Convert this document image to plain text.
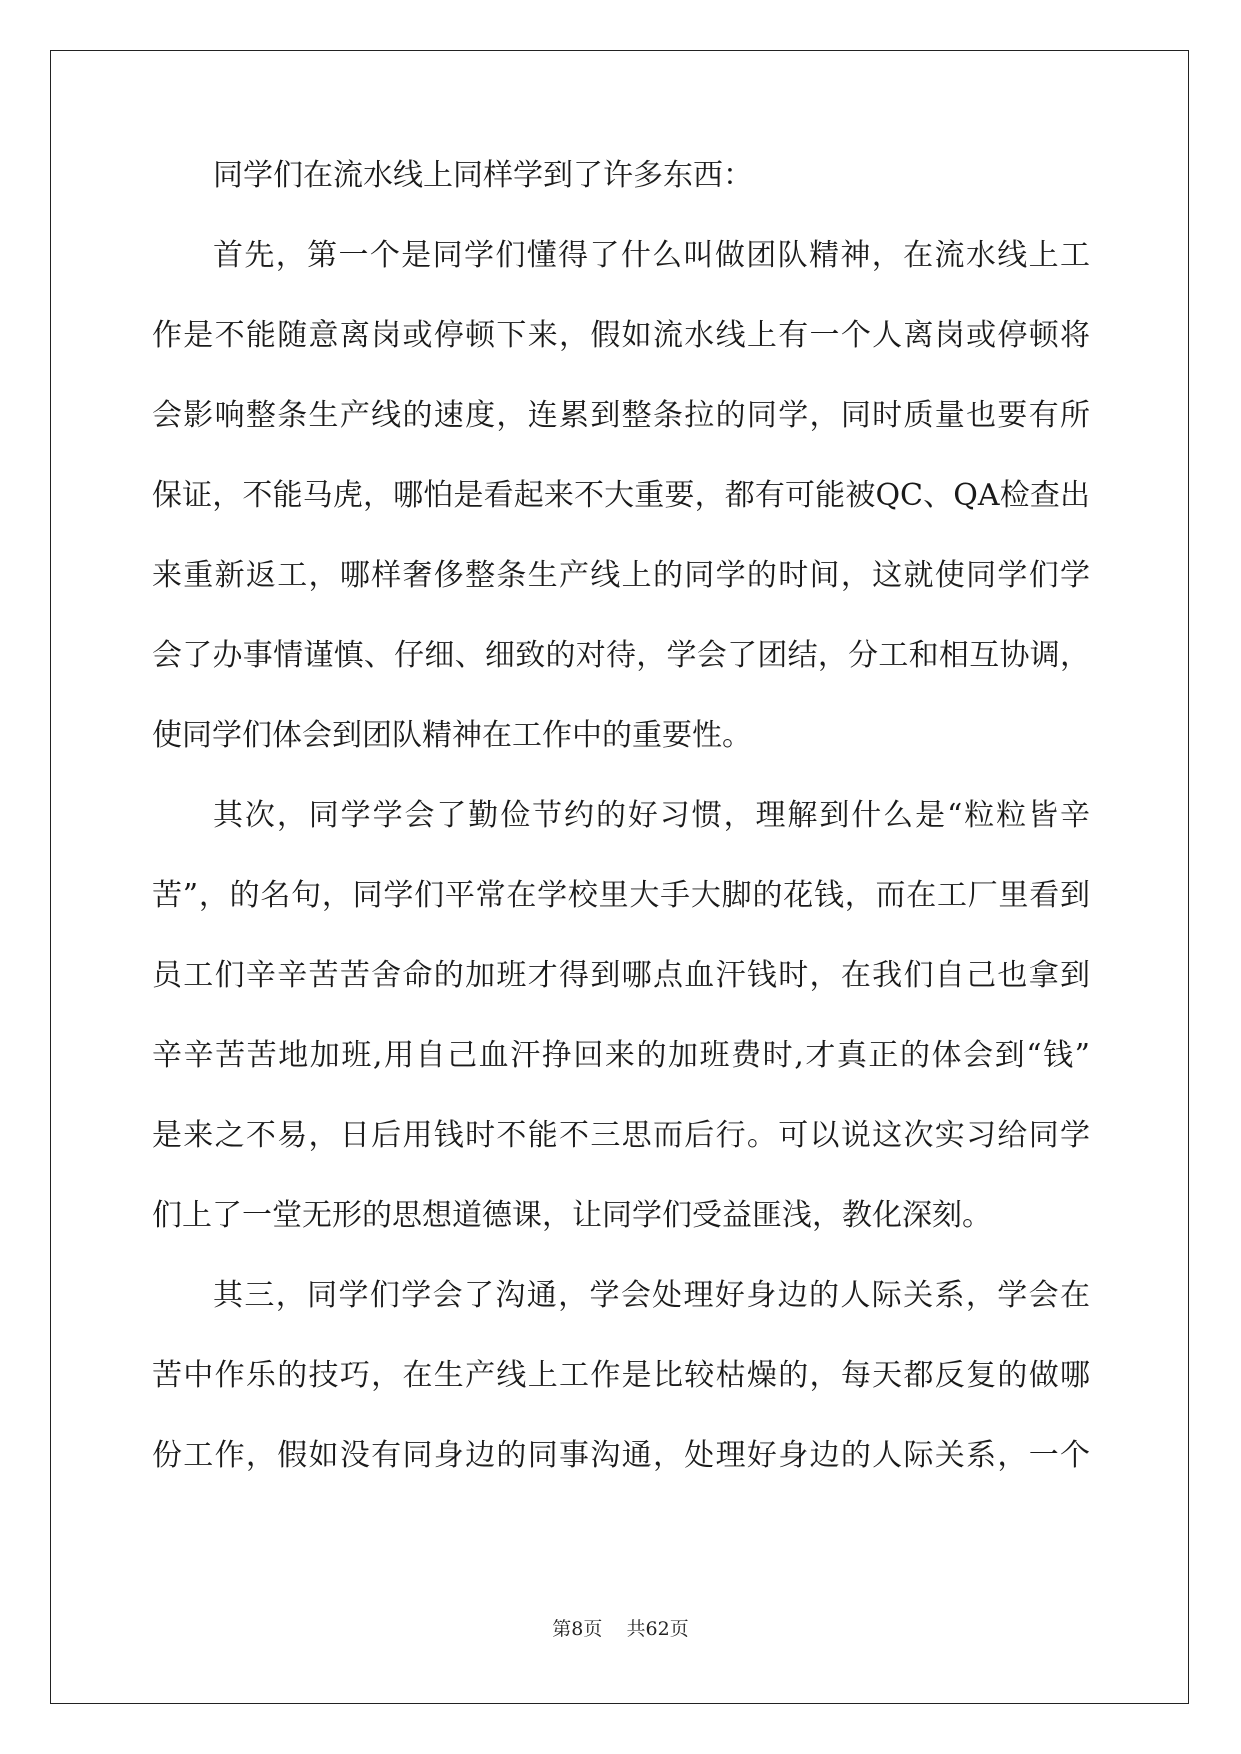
同学们在流水线上同样学到了许多东西：
首先，第一个是同学们懂得了什么叫做团队精神，在流水线上工
作是不能随意离岗或停顿下来，假如流水线上有一个人离岗或停顿将
会影响整条生产线的速度，连累到整条拉的同学，同时质量也要有所
保证，不能马虎，哪怕是看起来不大重要，都有可能被QC、QA检查出
来重新返工，哪样奢侈整条生产线上的同学的时间，这就使同学们学
会了办事情谨慎、仔细、细致的对待，学会了团结，分工和相互协调，
使同学们体会到团队精神在工作中的重要性。
其次，同学学会了勤俭节约的好习惯，理解到什么是“粒粒皆辛
苦”，的名句，同学们平常在学校里大手大脚的花钱，而在工厂里看到
员工们辛辛苦苦舍命的加班才得到哪点血汗钱时，在我们自己也拿到
辛辛苦苦地加班,用自己血汗挣回来的加班费时,才真正的体会到“钱”
是来之不易，日后用钱时不能不三思而后行。可以说这次实习给同学
们上了一堂无形的思想道德课，让同学们受益匪浅，教化深刻。
其三，同学们学会了沟通，学会处理好身边的人际关系，学会在
苦中作乐的技巧，在生产线上工作是比较枯燥的，每天都反复的做哪
份工作，假如没有同身边的同事沟通，处理好身边的人际关系，一个
第8页 共62页
